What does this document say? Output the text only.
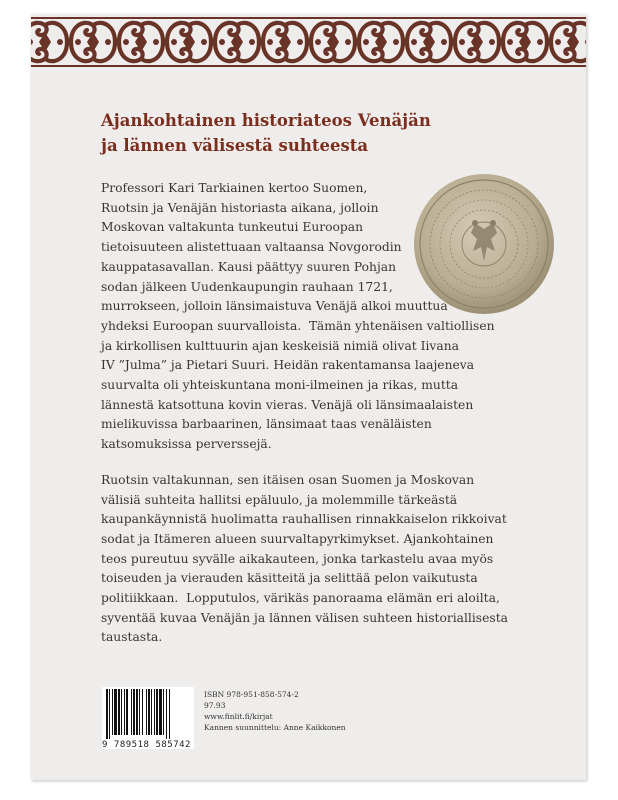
Ajankohtainen historiateos Venäjän
ja lännen välisestä suhteesta

Professori Kari Tarkiainen kertoo Suomen,
Ruotsin ja Venäjän historiasta aikana, jolloin
Moskovan valtakunta tunkeutui Euroopan
tietoisuuteen alistettuaan valtaansa Novgorodin
kauppatasavallan. Kausi päättyy suuren Pohjan
sodan jälkeen Uudenkaupungin rauhaan 1721,
murrokseen, jolloin länsimaistuva Venäjä alkoi muuttua
yhdeksi Euroopan suurvalloista.  Tämän yhtenäisen valtiollisen
ja kirkollisen kulttuurin ajan keskeisiä nimiä olivat Iivana
IV ”Julma” ja Pietari Suuri. Heidän rakentamansa laajeneva
suurvalta oli yhteiskuntana moni-ilmeinen ja rikas, mutta
lännestä katsottuna kovin vieras. Venäjä oli länsimaalaisten
mielikuvissa barbaarinen, länsimaat taas venäläisten
katsomuksissa perverssejä.

Ruotsin valtakunnan, sen itäisen osan Suomen ja Moskovan
välisiä suhteita hallitsi epäluulo, ja molemmille tärkeästä
kaupankäynnistä huolimatta rauhallisen rinnakkaiselon rikkoivat
sodat ja Itämeren alueen suurvaltapyrkimykset. Ajankohtainen
teos pureutuu syvälle aikakauteen, jonka tarkastelu avaa myös
toiseuden ja vierauden käsitteitä ja selittää pelon vaikutusta
politiikkaan.  Lopputulos, värikäs panoraama elämän eri aloilta,
syventää kuvaa Venäjän ja lännen välisen suhteen historiallisesta
taustasta.

9 789518 585742
ISBN 978-951-858-574-2
97.93
www.finlit.fi/kirjat
Kannen suunnittelu: Anne Kaikkonen
